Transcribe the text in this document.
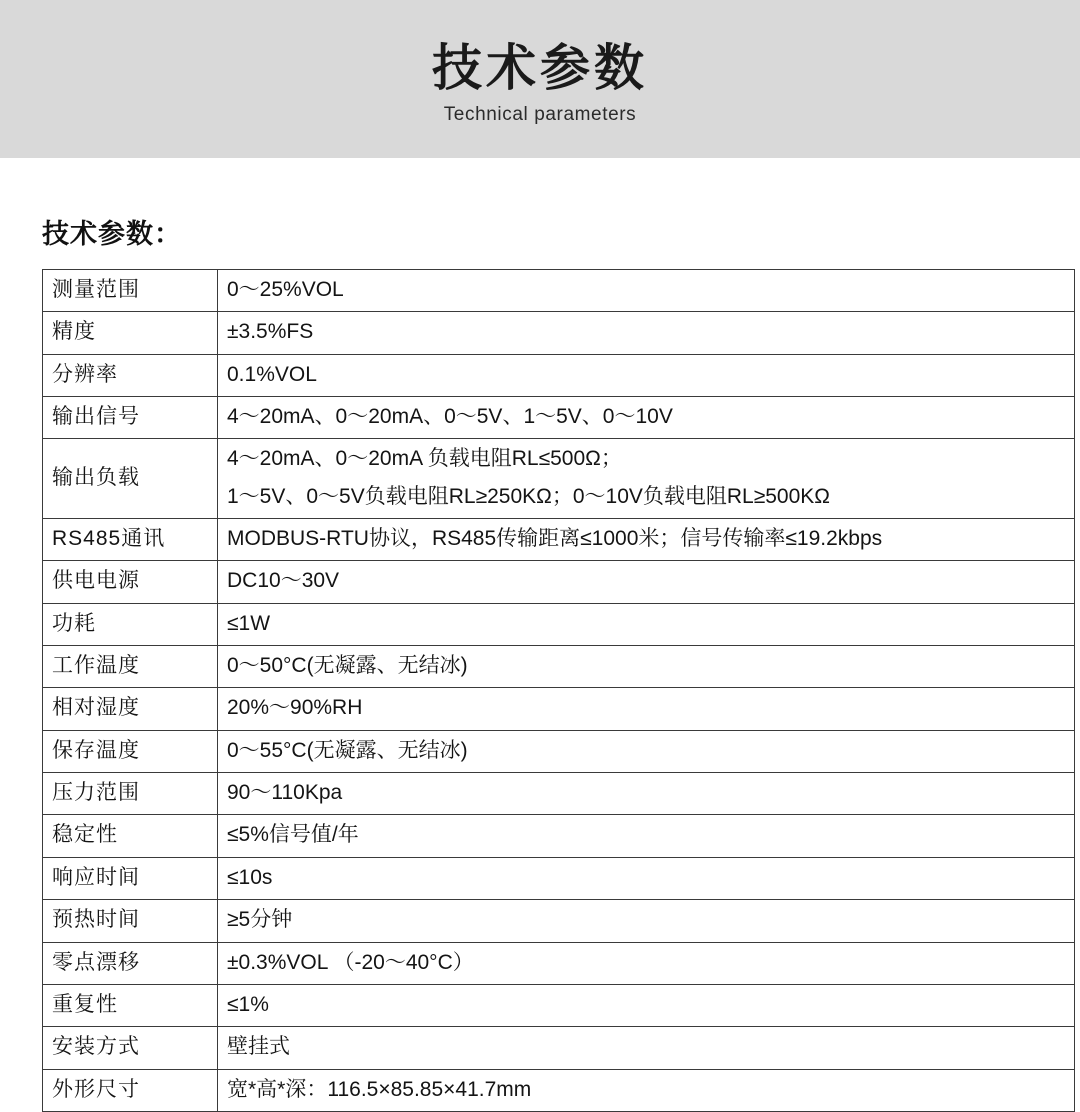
技术参数
Technical parameters
技术参数：
测量范围	0～25%VOL

精度	±3.5%FS

分辨率	0.1%VOL

输出信号	4～20mA、0～20mA、0～5V、1～5V、0～10V

输出负载	4～20mA、0～20mA 负载电阻RL≤500Ω；
1～5V、0～5V负载电阻RL≥250KΩ；0～10V负载电阻RL≥500KΩ

RS485通讯	MODBUS-RTU协议，RS485传输距离≤1000米；信号传输率≤19.2kbps

供电电源	DC10～30V

功耗	≤1W

工作温度	0～50°C(无凝露、无结冰)

相对湿度	20%～90%RH

保存温度	0～55°C(无凝露、无结冰)

压力范围	90～110Kpa

稳定性	≤5%信号值/年

响应时间	≤10s

预热时间	≥5分钟

零点漂移	±0.3%VOL （-20～40°C）

重复性	≤1%

安装方式	壁挂式

外形尺寸	宽*高*深：116.5×85.85×41.7mm
